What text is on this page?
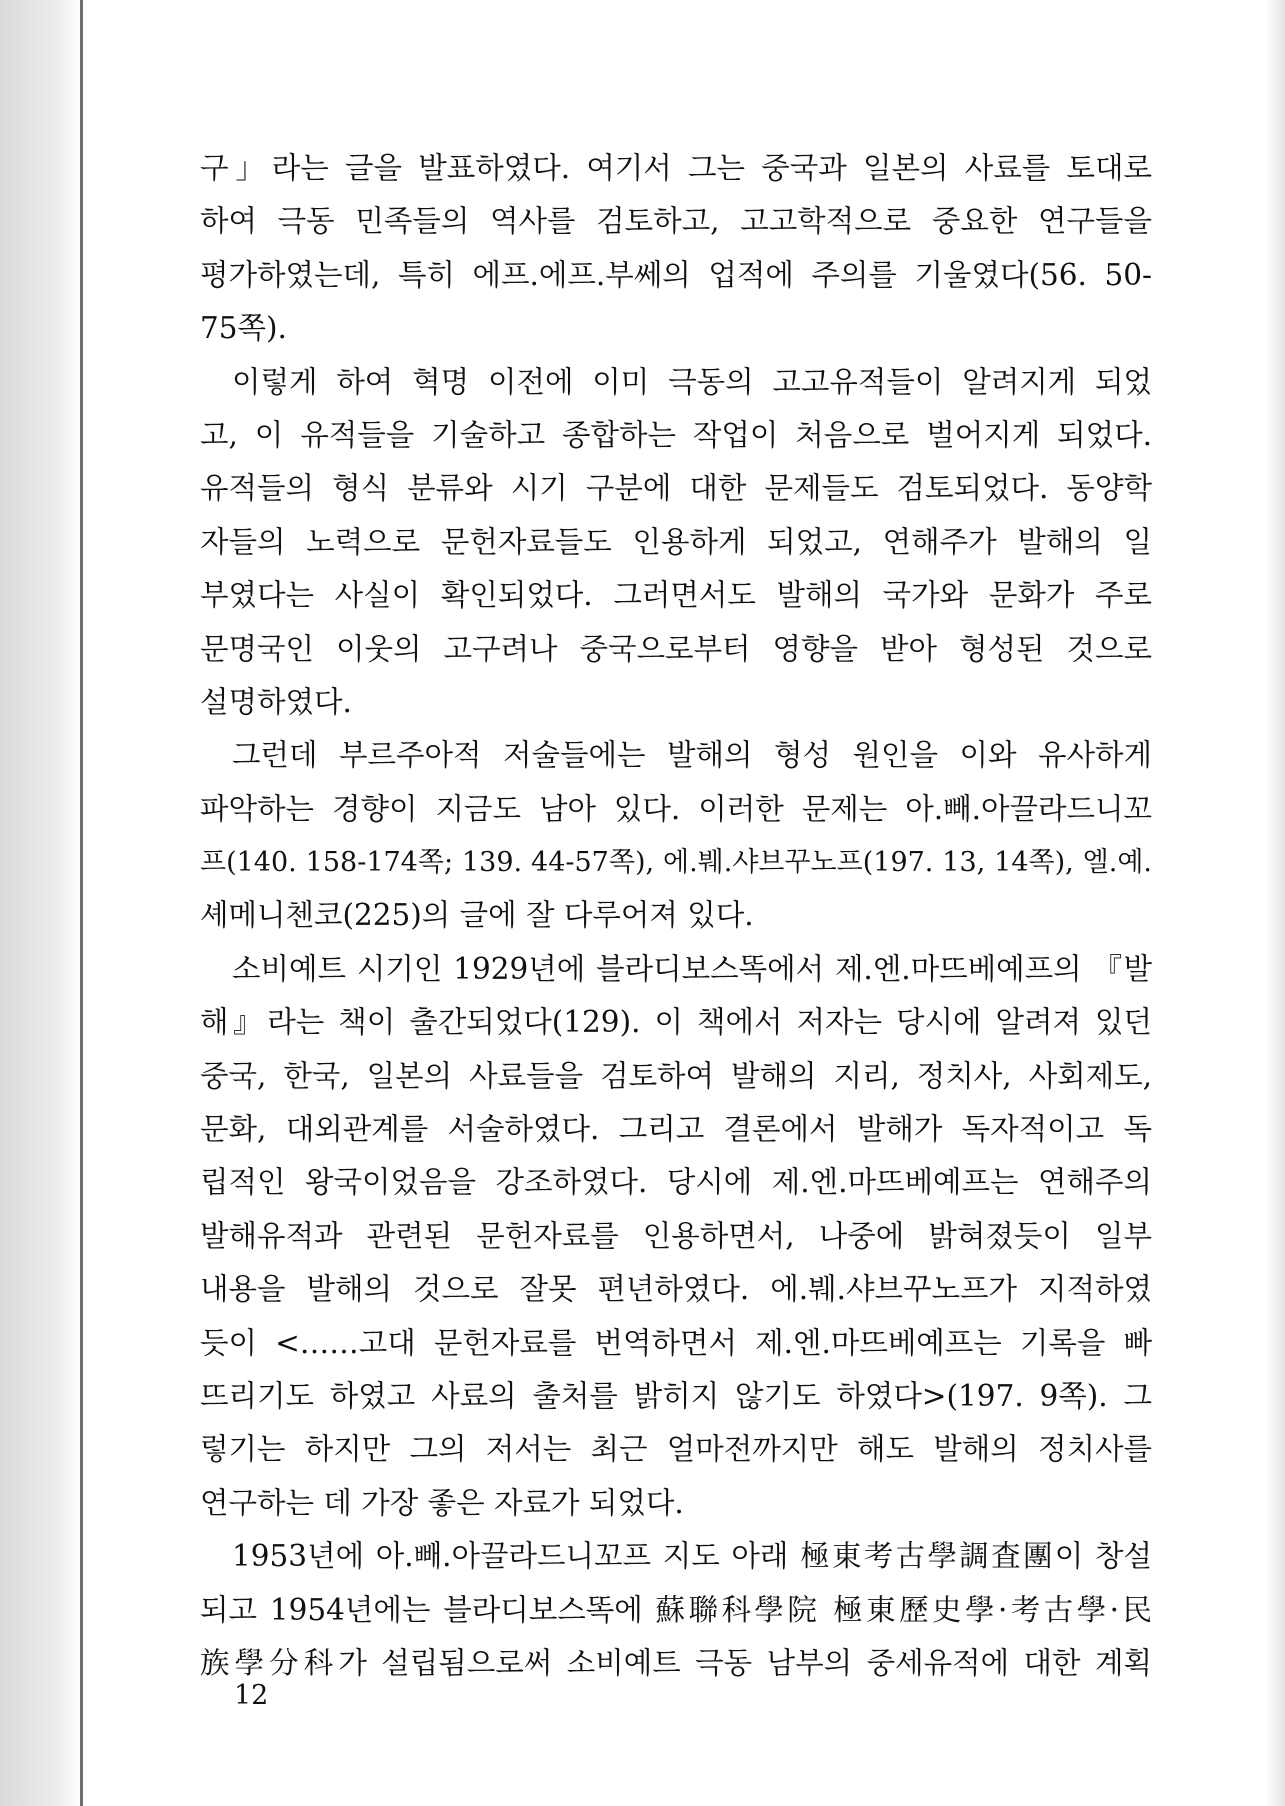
구」라는 글을 발표하였다. 여기서 그는 중국과 일본의 사료를 토대로
하여 극동 민족들의 역사를 검토하고, 고고학적으로 중요한 연구들을
평가하였는데, 특히 에프.에프.부쎄의 업적에 주의를 기울였다(56. 50-
75쪽).
이렇게 하여 혁명 이전에 이미 극동의 고고유적들이 알려지게 되었
고, 이 유적들을 기술하고 종합하는 작업이 처음으로 벌어지게 되었다.
유적들의 형식 분류와 시기 구분에 대한 문제들도 검토되었다. 동양학
자들의 노력으로 문헌자료들도 인용하게 되었고, 연해주가 발해의 일
부였다는 사실이 확인되었다. 그러면서도 발해의 국가와 문화가 주로
문명국인 이웃의 고구려나 중국으로부터 영향을 받아 형성된 것으로
설명하였다.
그런데 부르주아적 저술들에는 발해의 형성 원인을 이와 유사하게
파악하는 경향이 지금도 남아 있다. 이러한 문제는 아.빼.아끌라드니꼬
프(140. 158-174쪽; 139. 44-57쪽), 에.붸.샤브꾸노프(197. 13, 14쪽), 엘.예.
셰메니첸코(225)의 글에 잘 다루어져 있다.
소비예트 시기인 1929년에 블라디보스똑에서 제.엔.마뜨베예프의 『발
해』라는 책이 출간되었다(129). 이 책에서 저자는 당시에 알려져 있던
중국, 한국, 일본의 사료들을 검토하여 발해의 지리, 정치사, 사회제도,
문화, 대외관계를 서술하였다. 그리고 결론에서 발해가 독자적이고 독
립적인 왕국이었음을 강조하였다. 당시에 제.엔.마뜨베예프는 연해주의
발해유적과 관련된 문헌자료를 인용하면서, 나중에 밝혀졌듯이 일부
내용을 발해의 것으로 잘못 편년하였다. 에.붸.샤브꾸노프가 지적하였
듯이 <……고대 문헌자료를 번역하면서 제.엔.마뜨베예프는 기록을 빠
뜨리기도 하였고 사료의 출처를 밝히지 않기도 하였다>(197. 9쪽). 그
렇기는 하지만 그의 저서는 최근 얼마전까지만 해도 발해의 정치사를
연구하는 데 가장 좋은 자료가 되었다.
1953년에 아.빼.아끌라드니꼬프 지도 아래 極東考古學調査團이 창설
되고 1954년에는 블라디보스똑에 蘇聯科學院 極東歷史學·考古學·民
族學分科가 설립됨으로써 소비예트 극동 남부의 중세유적에 대한 계획
12
